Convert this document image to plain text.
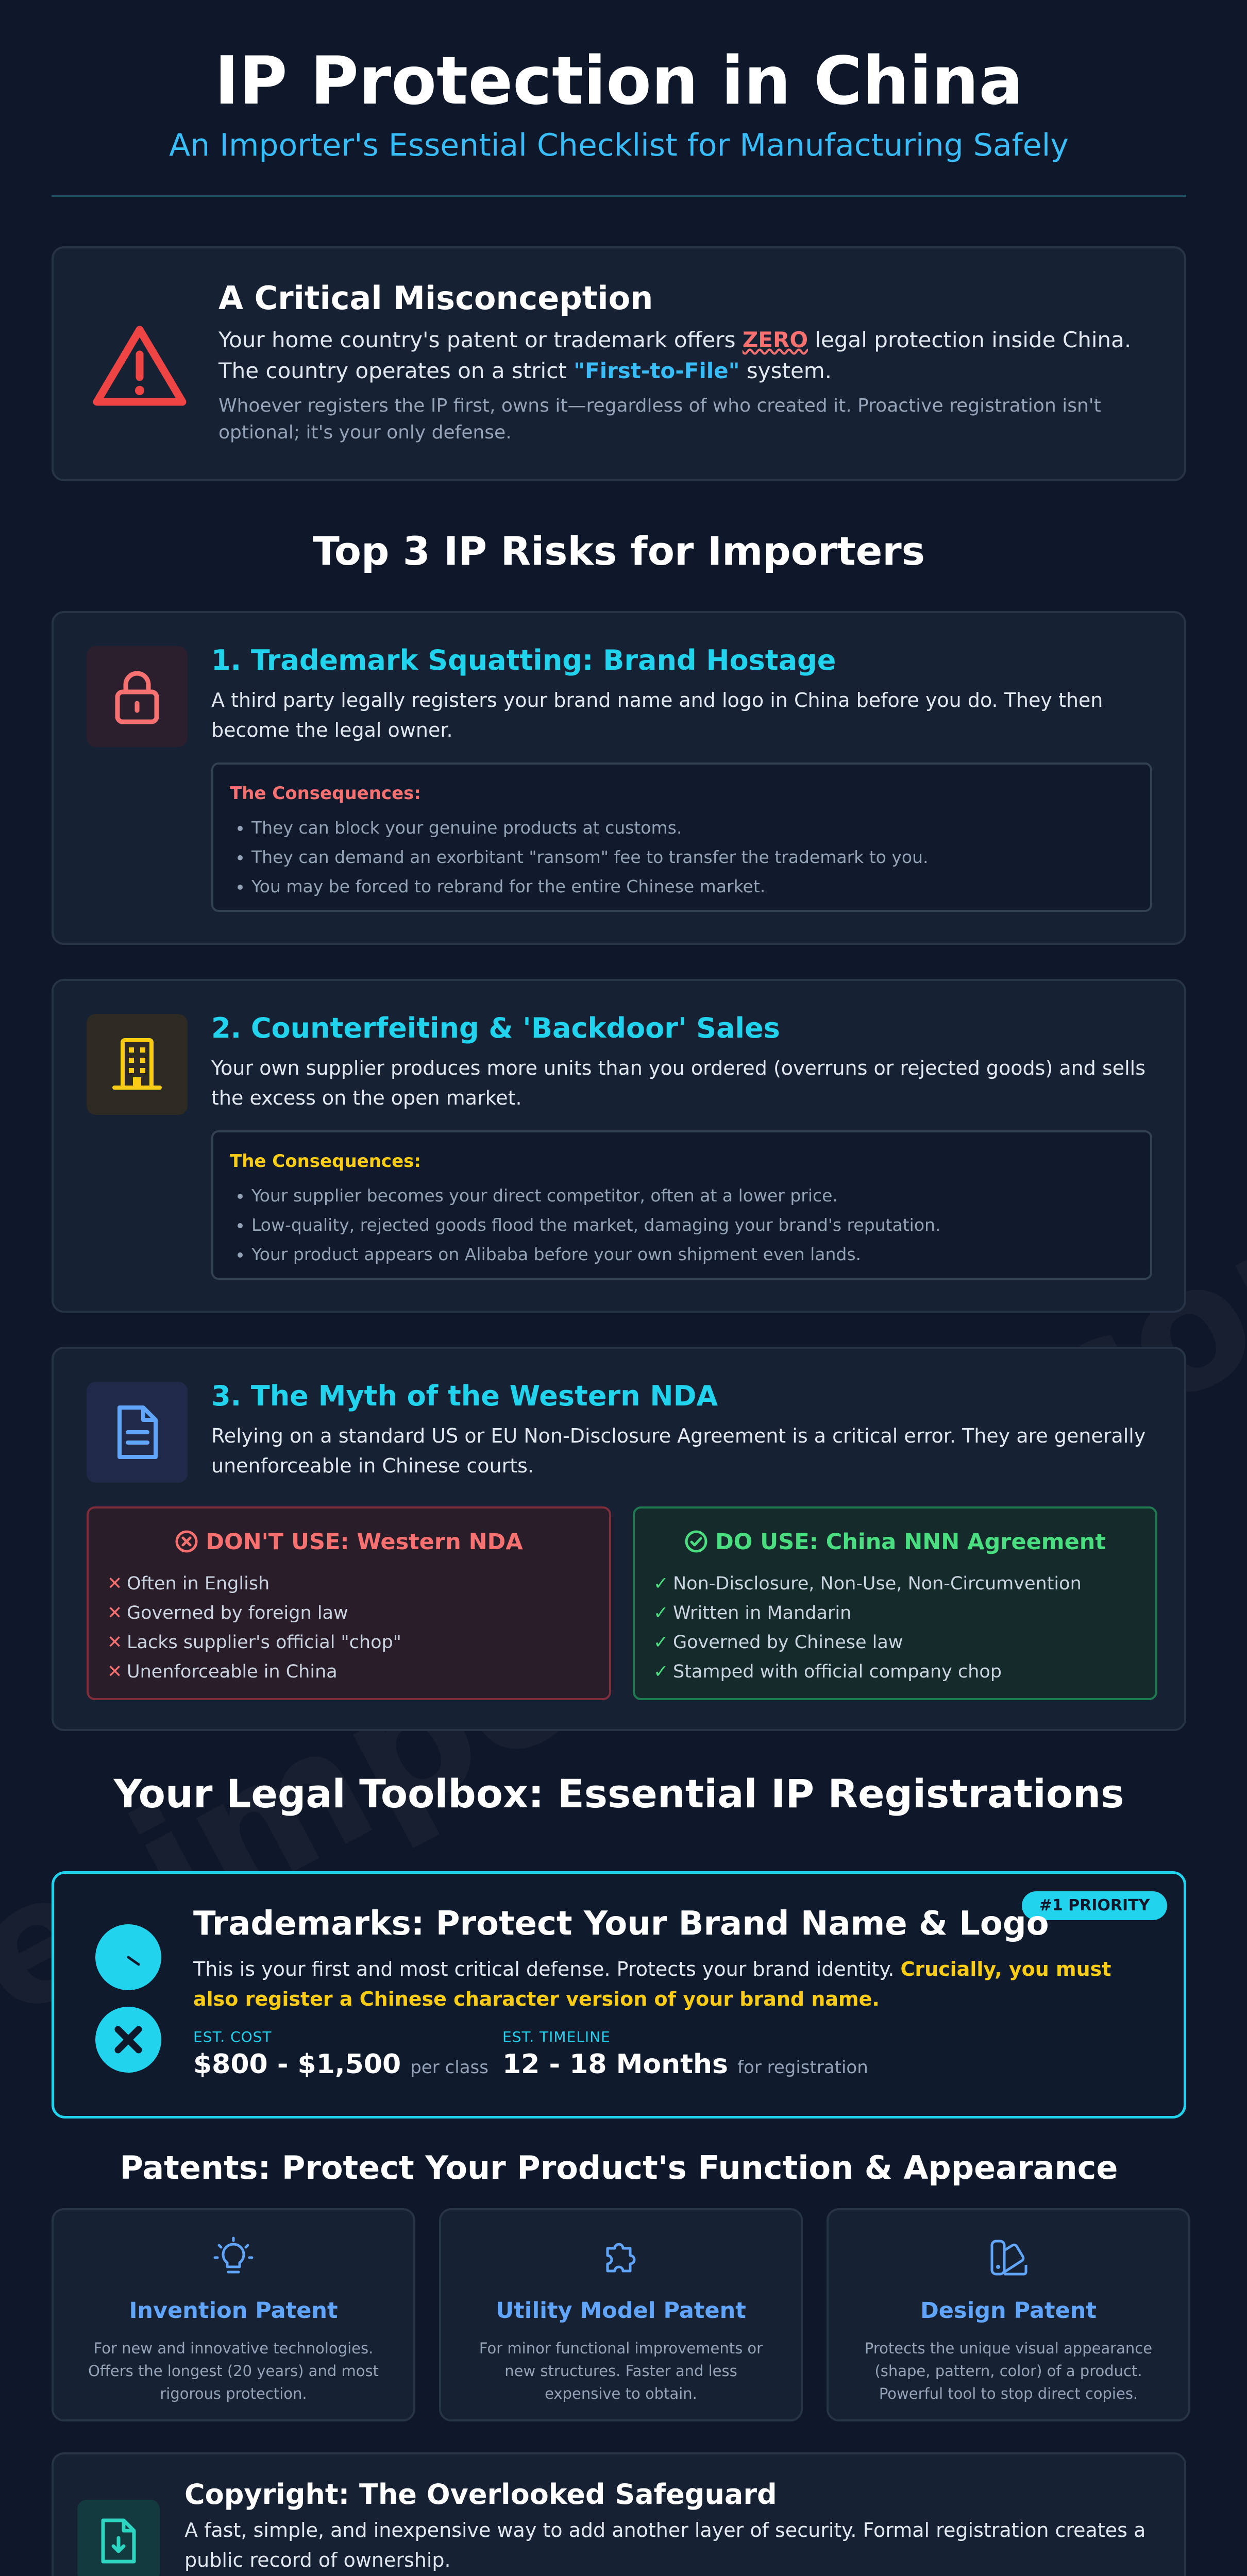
IP Protection in China
An Importer's Essential Checklist for Manufacturing Safely
A Critical Misconception
Your home country's patent or trademark offers ZERO legal protection inside China. The country operates on a strict "First-to-File" system.
Whoever registers the IP first, owns it—regardless of who created it. Proactive registration isn't optional; it's your only defense.
Top 3 IP Risks for Importers
1. Trademark Squatting: Brand Hostage
A third party legally registers your brand name and logo in China before you do. They then become the legal owner.
The Consequences:
• They can block your genuine products at customs.
• They can demand an exorbitant "ransom" fee to transfer the trademark to you.
• You may be forced to rebrand for the entire Chinese market.
2. Counterfeiting & 'Backdoor' Sales
Your own supplier produces more units than you ordered (overruns or rejected goods) and sells the excess on the open market.
The Consequences:
• Your supplier becomes your direct competitor, often at a lower price.
• Low-quality, rejected goods flood the market, damaging your brand's reputation.
• Your product appears on Alibaba before your own shipment even lands.
3. The Myth of the Western NDA
Relying on a standard US or EU Non-Disclosure Agreement is a critical error. They are generally unenforceable in Chinese courts.
DON'T USE: Western NDA
✕ Often in English
✕ Governed by foreign law
✕ Lacks supplier's official "chop"
✕ Unenforceable in China
DO USE: China NNN Agreement
✓ Non-Disclosure, Non-Use, Non-Circumvention
✓ Written in Mandarin
✓ Governed by Chinese law
✓ Stamped with official company chop
Your Legal Toolbox: Essential IP Registrations
#1 PRIORITY
Trademarks: Protect Your Brand Name & Logo
This is your first and most critical defense. Protects your brand identity. Crucially, you must also register a Chinese character version of your brand name.
EST. COST
$800 - $1,500 per class
EST. TIMELINE
12 - 18 Months for registration
Patents: Protect Your Product's Function & Appearance
Invention Patent
For new and innovative technologies. Offers the longest (20 years) and most rigorous protection.
Utility Model Patent
For minor functional improvements or new structures. Faster and less expensive to obtain.
Design Patent
Protects the unique visual appearance (shape, pattern, color) of a product. Powerful tool to stop direct copies.
Copyright: The Overlooked Safeguard
A fast, simple, and inexpensive way to add another layer of security. Formal registration creates a public record of ownership.
